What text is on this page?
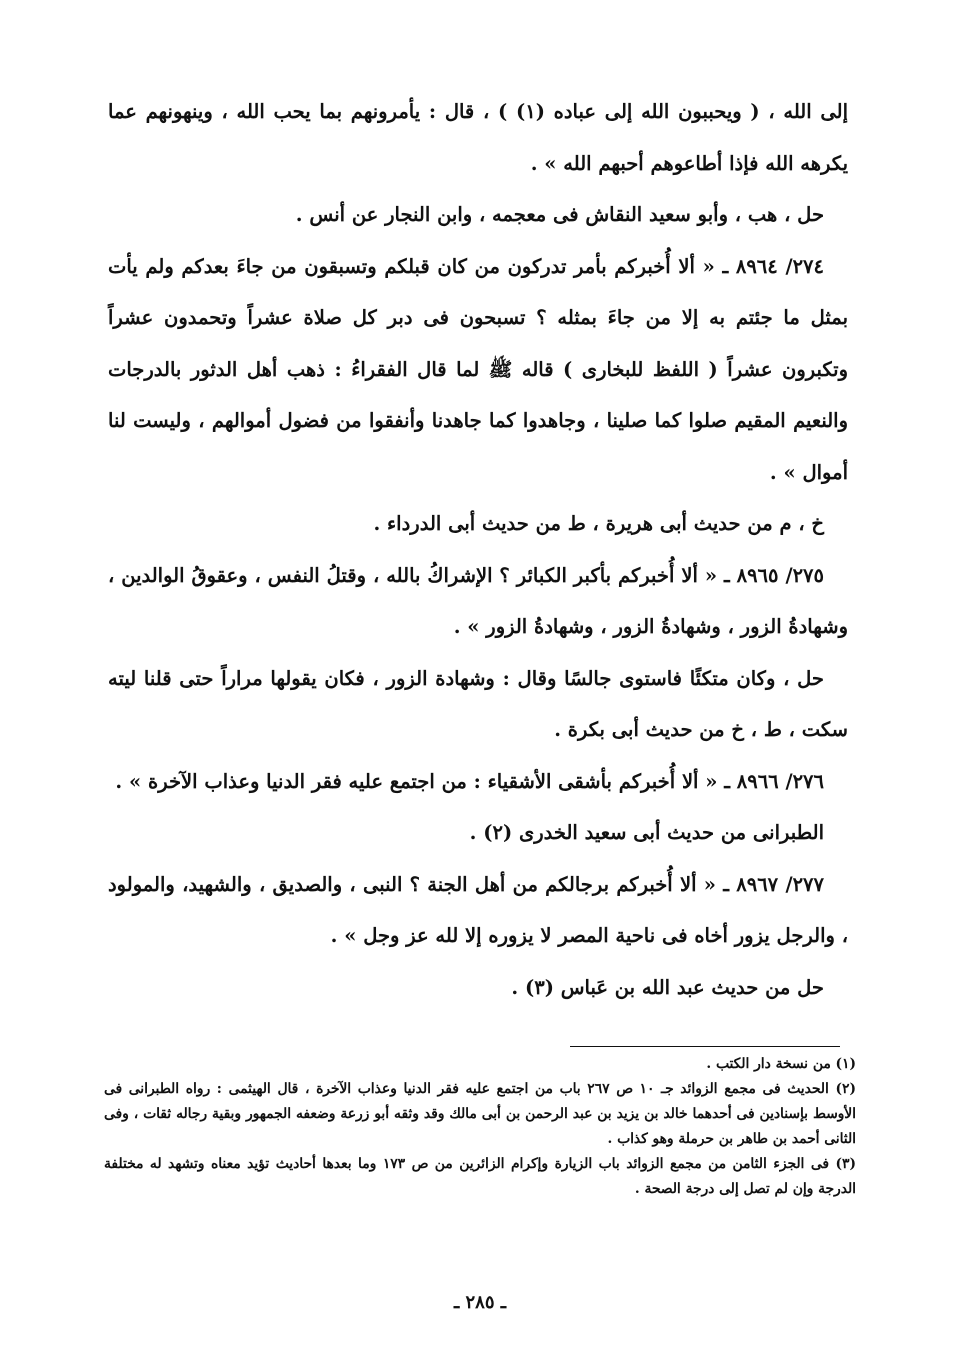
إلى الله ، ( ويحببون الله إلى عباده (١) ) ، قال : يأمرونهم بما يحب الله ، وينهونهم عما يكرهه الله فإذا أطاعوهم أحبهم الله » .

حل ، هب ، وأبو سعيد النقاش فى معجمه ، وابن النجار عن أنس .

٢٧٤/ ٨٩٦٤ ـ « ألا أُخبركم بأمر تدركون من كان قبلكم وتسبقون من جاءَ بعدكم ولم يأت بمثل ما جئتم به إلا من جاءَ بمثله ؟ تسبحون فى دبر كل صلاة عشراً وتحمدون عشراً وتكبرون عشراً ( اللفظ للبخارى ) قاله ﷺ لما قال الفقراءُ : ذهب أهل الدثور بالدرجات والنعيم المقيم صلوا كما صلينا ، وجاهدوا كما جاهدنا وأنفقوا من فضول أموالهم ، وليست لنا أموال » .

خ ، م من حديث أبى هريرة ، ط من حديث أبى الدرداء .

٢٧٥/ ٨٩٦٥ ـ « ألا أُخبركم بأكبر الكبائر ؟ الإشراكُ بالله ، وقتلُ النفس ، وعقوقُ الوالدين ، وشهادةُ الزور ، وشهادةُ الزور ، وشهادةُ الزور » .

حل ، وكان متكئًا فاستوى جالسًا وقال : وشهادة الزور ، فكان يقولها مراراً حتى قلنا ليته سكت ، ط ، خ من حديث أبى بكرة .

٢٧٦/ ٨٩٦٦ ـ « ألا أُخبركم بأشقى الأشقياء : من اجتمع عليه فقر الدنيا وعذاب الآخرة » .

الطبرانى من حديث أبى سعيد الخدرى (٢) .

٢٧٧/ ٨٩٦٧ ـ « ألا أُخبركم برجالكم من أهل الجنة ؟ النبى ، والصديق ، والشهيد، والمولود ، والرجل يزور أخاه فى ناحية المصر لا يزوره إلا لله عز وجل » .

حل من حديث عبد الله بن عَباس (٣) .

(١) من نسخة دار الكتب .

(٢) الحديث فى مجمع الزوائد جـ ١٠ ص ٢٦٧ باب من اجتمع عليه فقر الدنيا وعذاب الآخرة ، قال الهيثمى : رواه الطبرانى فى الأوسط بإسنادين فى أحدهما خالد بن يزيد بن عبد الرحمن بن أبى مالك وقد وثقه أبو زرعة وضعفه الجمهور وبقية رجاله ثقات ، وفى الثانى أحمد بن طاهر بن حرملة وهو كذاب .

(٣) فى الجزء الثامن من مجمع الزوائد باب الزيارة وإكرام الزائرين من ص ١٧٣ وما بعدها أحاديث تؤيد معناه وتشهد له مختلفة الدرجة وإن لم تصل إلى درجة الصحة .

ـ ٢٨٥ ـ
